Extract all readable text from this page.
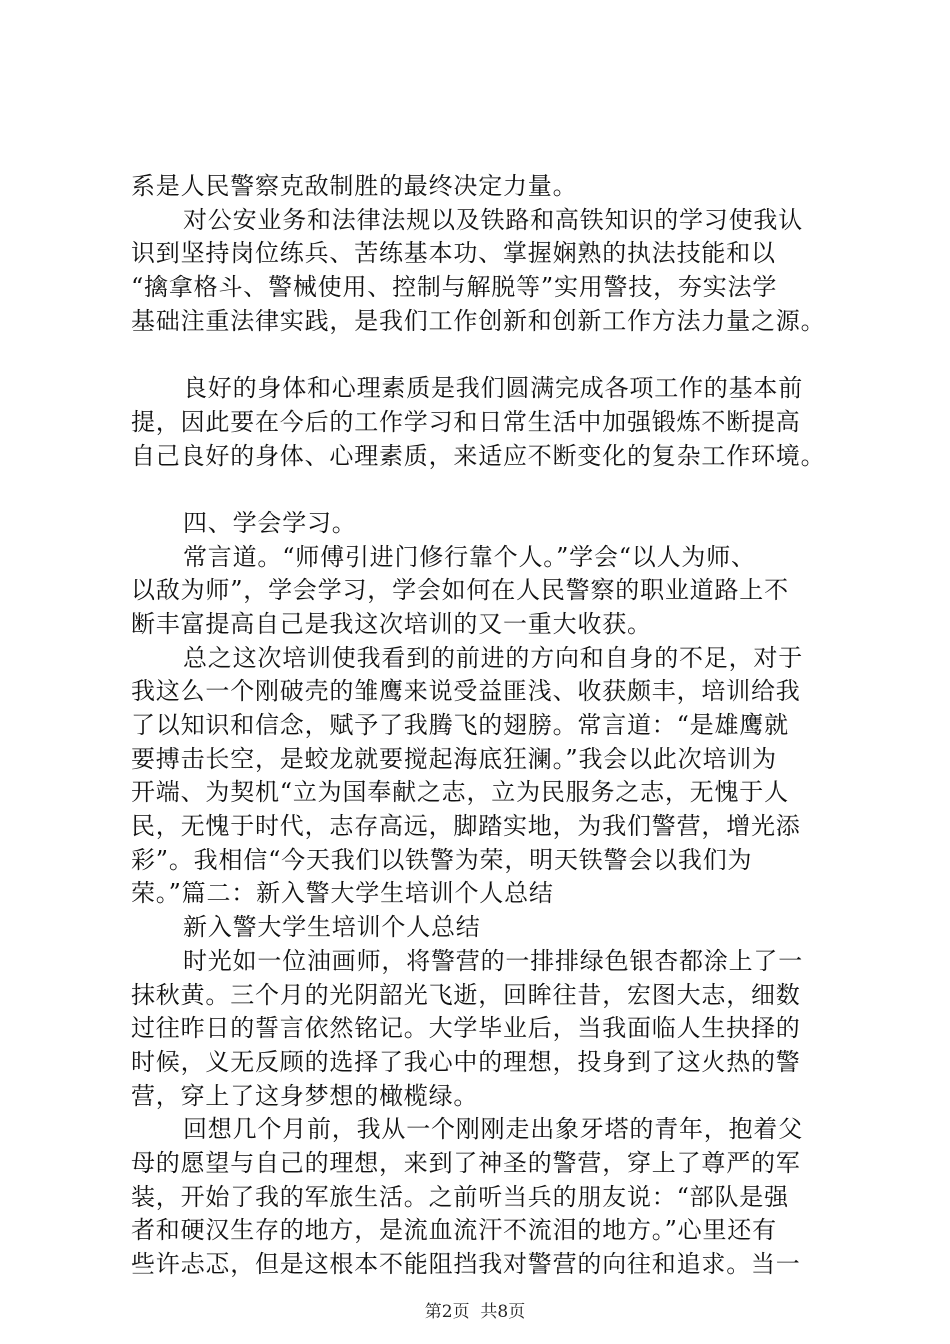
系是人民警察克敌制胜的最终决定力量。
对公安业务和法律法规以及铁路和高铁知识的学习使我认
识到坚持岗位练兵、苦练基本功、掌握娴熟的执法技能和以
“擒拿格斗、警械使用、控制与解脱等”实用警技，夯实法学
基础注重法律实践，是我们工作创新和创新工作方法力量之源。
良好的身体和心理素质是我们圆满完成各项工作的基本前
提，因此要在今后的工作学习和日常生活中加强锻炼不断提高
自己良好的身体、心理素质，来适应不断变化的复杂工作环境。
四、学会学习。
常言道。“师傅引进门修行靠个人。”学会“以人为师、
以敌为师”，学会学习，学会如何在人民警察的职业道路上不
断丰富提高自己是我这次培训的又一重大收获。
总之这次培训使我看到的前进的方向和自身的不足，对于
我这么一个刚破壳的雏鹰来说受益匪浅、收获颇丰，培训给我
了以知识和信念，赋予了我腾飞的翅膀。常言道：“是雄鹰就
要搏击长空，是蛟龙就要搅起海底狂澜。”我会以此次培训为
开端、为契机“立为国奉献之志，立为民服务之志，无愧于人
民，无愧于时代，志存高远，脚踏实地，为我们警营，增光添
彩”。我相信“今天我们以铁警为荣，明天铁警会以我们为
荣。”篇二：新入警大学生培训个人总结
新入警大学生培训个人总结
时光如一位油画师，将警营的一排排绿色银杏都涂上了一
抹秋黄。三个月的光阴韶光飞逝，回眸往昔，宏图大志，细数
过往昨日的誓言依然铭记。大学毕业后，当我面临人生抉择的
时候，义无反顾的选择了我心中的理想，投身到了这火热的警
营，穿上了这身梦想的橄榄绿。
回想几个月前，我从一个刚刚走出象牙塔的青年，抱着父
母的愿望与自己的理想，来到了神圣的警营，穿上了尊严的军
装，开始了我的军旅生活。之前听当兵的朋友说：“部队是强
者和硬汉生存的地方，是流血流汗不流泪的地方。”心里还有
些许忐忑，但是这根本不能阻挡我对警营的向往和追求。当一
第2页  共8页
